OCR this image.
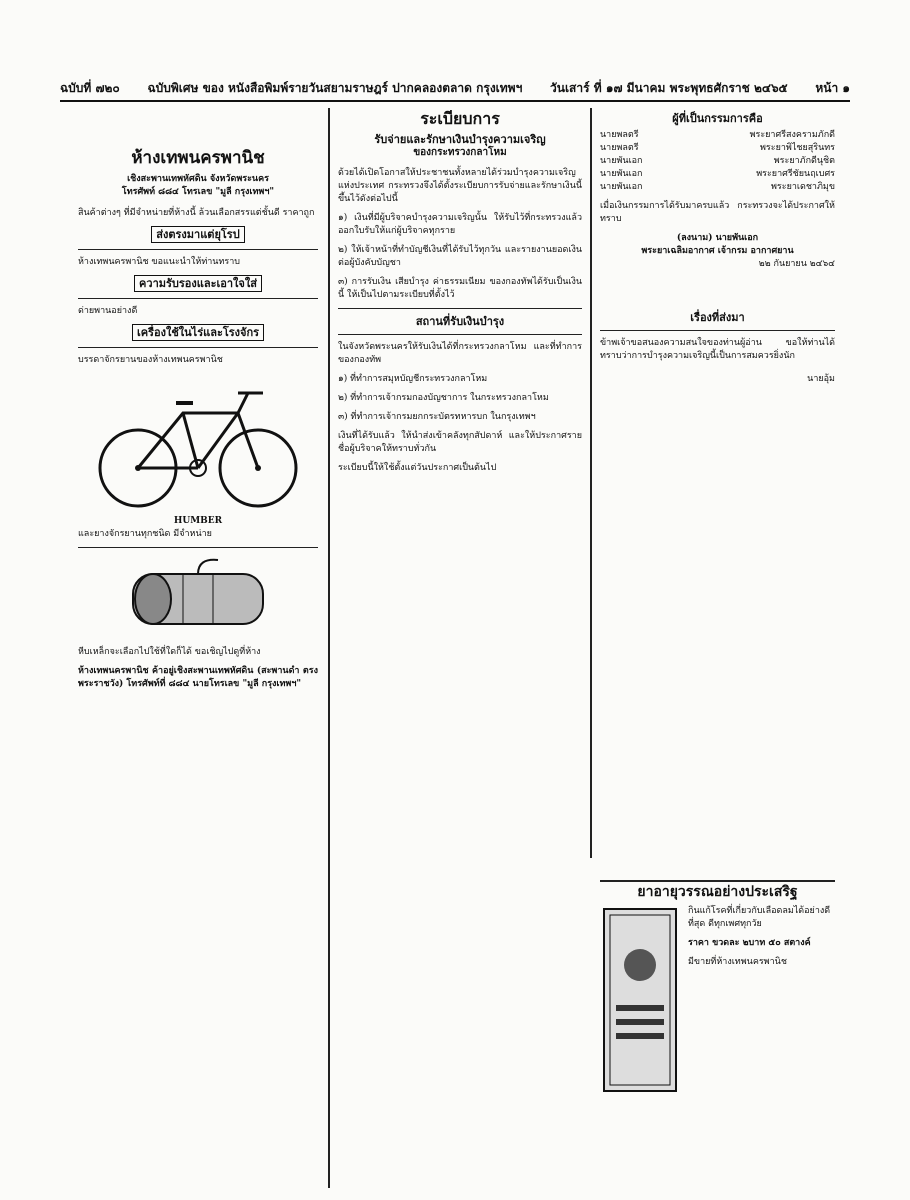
ฉบับที่ ๗๒๐ ฉบับพิเศษ ของ หนังสือพิมพ์รายวันสยามราษฎร์ ปากคลองตลาด กรุงเทพฯ วันเสาร์ ที่ ๑๗ มีนาคม พระพุทธศักราช ๒๔๖๕ หน้า ๑
ห้างเทพนครพานิช
เชิงสะพานเทพหัศดิน จังหวัดพระนคร
โทรศัพท์ ๘๘๔ โทรเลข "มูลี กรุงเทพฯ"

สินค้าต่างๆ ที่มีจำหน่ายที่ห้างนี้ ล้วนเลือกสรรแต่ชั้นดี ราคาถูก

ส่งตรงมาแต่ยุโรป

ห้างเทพนครพานิช ขอแนะนำให้ท่านทราบ

ความรับรองและเอาใจใส่

ด่ายพานอย่างดี

เครื่องใช้ในไร่และโรงจักร

บรรดาจักรยานของห้างเทพนครพานิช

HUMBER

และยางจักรยานทุกชนิด มีจำหน่าย

หีบเหล็กจะเลือกไปใช้ที่ใดก็ได้ ขอเชิญไปดูที่ห้าง

ห้างเทพนครพานิช ค้าอยู่เชิงสะพานเทพหัศดิน (สะพานดำ ตรงพระราชวัง) โทรศัพท์ที่ ๘๘๔ นายโทรเลข "มูลี กรุงเทพฯ"

ระเบียบการ
รับจ่ายและรักษาเงินบำรุงความเจริญ
ของกระทรวงกลาโหม

ด้วยได้เปิดโอกาสให้ประชาชนทั้งหลายได้ร่วมบำรุงความเจริญแห่งประเทศ กระทรวงจึงได้ตั้งระเบียบการรับจ่ายและรักษาเงินนี้ขึ้นไว้ดังต่อไปนี้

๑) เงินที่มีผู้บริจาคบำรุงความเจริญนั้น ให้รับไว้ที่กระทรวงแล้วออกใบรับให้แก่ผู้บริจาคทุกราย

๒) ให้เจ้าหน้าที่ทำบัญชีเงินที่ได้รับไว้ทุกวัน และรายงานยอดเงินต่อผู้บังคับบัญชา

๓) การรับเงิน เสียบำรุง ค่าธรรมเนียม ของกองทัพได้รับเป็นเงินนี้ ให้เป็นไปตามระเบียบที่ตั้งไว้

สถานที่รับเงินบำรุง

ในจังหวัดพระนครให้รับเงินได้ที่กระทรวงกลาโหม และที่ทำการของกองทัพ

๑) ที่ทำการสมุหบัญชีกระทรวงกลาโหม

๒) ที่ทำการเจ้ากรมกองบัญชาการ ในกระทรวงกลาโหม

๓) ที่ทำการเจ้ากรมยกกระบัตรทหารบก ในกรุงเทพฯ

เงินที่ได้รับแล้ว ให้นำส่งเข้าคลังทุกสัปดาห์ และให้ประกาศรายชื่อผู้บริจาคให้ทราบทั่วกัน

ระเบียบนี้ให้ใช้ตั้งแต่วันประกาศเป็นต้นไป

ผู้ที่เป็นกรรมการคือ
นายพลตรี	พระยาศรีสงครามภักดี
นายพลตรี	พระยาพิไชยสุรินทร
นายพันเอก	พระยาภักดีนุชิต
นายพันเอก	พระยาศรีชัยนฤเบศร
นายพันเอก	พระยาเดชาภิมุข

เมื่อเงินกรรมการได้รับมาครบแล้ว กระทรวงจะได้ประกาศให้ทราบ

(ลงนาม) นายพันเอก
พระยาเฉลิมอากาศ เจ้ากรม อากาศยาน
๒๒ กันยายน ๒๔๖๔
เรื่องที่ส่งมา

ข้าพเจ้าขอสนองความสนใจของท่านผู้อ่าน ขอให้ท่านได้ทราบว่าการบำรุงความเจริญนี้เป็นการสมควรยิ่งนัก

นายอุ้ม
ยาอายุวรรณอย่างประเสริฐ

กินแก้โรคที่เกี่ยวกับเลือดลมได้อย่างดีที่สุด ดีทุกเพศทุกวัย

ราคา ขวดละ ๒บาท ๕๐ สตางค์

มีขายที่ห้างเทพนครพานิช
